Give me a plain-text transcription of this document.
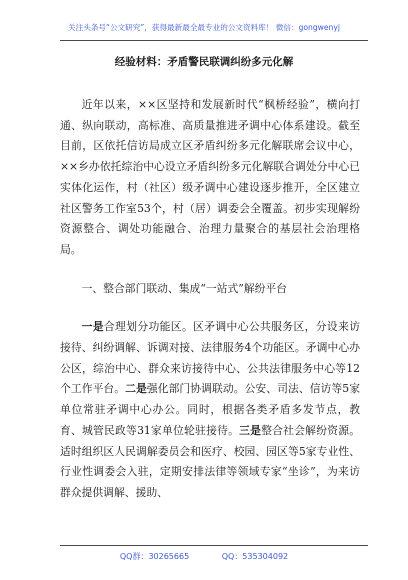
关注头条号“公文研究”，获得最新最全最专业的公文资料库！ 微信：gongwenyj
经验材料：矛盾警民联调纠纷多元化解

近年以来，××区坚持和发展新时代“枫桥经验”，横向打通、纵向联动，高标准、高质量推进矛调中心体系建设。截至目前，区依托信访局成立区矛盾纠纷多元化解联席会议中心，××乡办依托综治中心设立矛盾纠纷多元化解联合调处分中心已实体化运作，村（社区）级矛调中心建设逐步推开，全区建立社区警务工作室53个，村（居）调委会全覆盖。初步实现解纷资源整合、调处功能融合、治理力量聚合的基层社会治理格局。

一、整合部门联动、集成“一站式”解纷平台

一是合理划分功能区。区矛调中心公共服务区，分设来访接待、纠纷调解、诉调对接、法律服务4个功能区。矛调中心办公区，综治中心、群众来访接待中心、公共法律服务中心等12个工作平台。二是强化部门协调联动。公安、司法、信访等5家单位常驻矛调中心办公。同时，根据各类矛盾多发节点，教育、城管民政等31家单位轮驻接待。三是整合社会解纷资源。适时组织区人民调解委员会和医疗、校园、园区等5家专业性、行业性调委会入驻，定期安排法律等领域专家“坐诊”，为来访群众提供调解、援助、

QQ群：30265665	QQ：535304092
